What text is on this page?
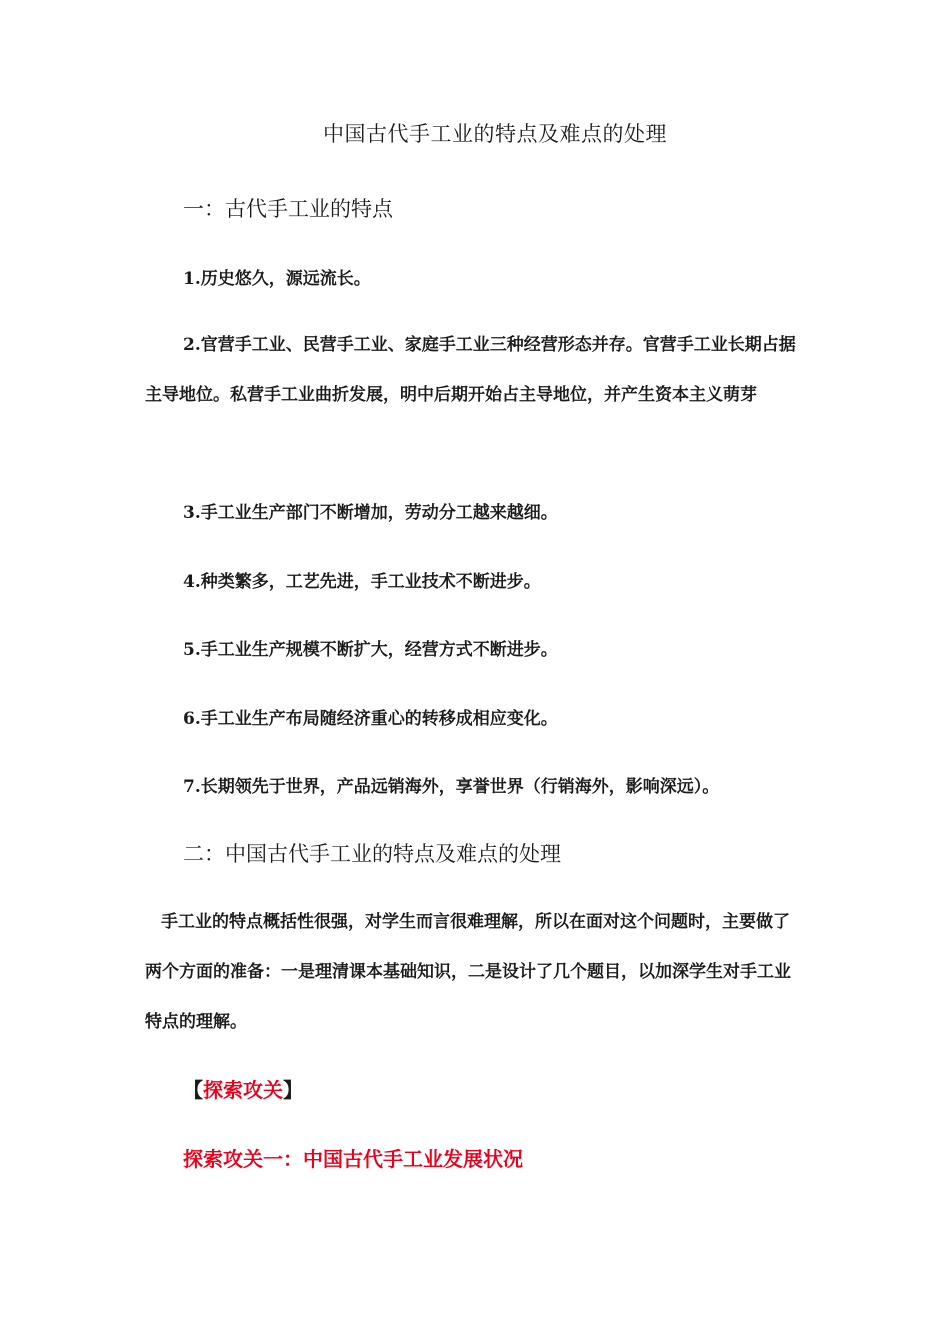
中国古代手工业的特点及难点的处理
一：古代手工业的特点

1.历史悠久，源远流长。

2.官营手工业、民营手工业、家庭手工业三种经营形态并存。官营手工业长期占据主导地位。私营手工业曲折发展，明中后期开始占主导地位，并产生资本主义萌芽

3.手工业生产部门不断增加，劳动分工越来越细。

4.种类繁多，工艺先进，手工业技术不断进步。

5.手工业生产规模不断扩大，经营方式不断进步。

6.手工业生产布局随经济重心的转移成相应变化。

7.长期领先于世界，产品远销海外，享誉世界（行销海外，影响深远）。

二：中国古代手工业的特点及难点的处理

手工业的特点概括性很强，对学生而言很难理解，所以在面对这个问题时，主要做了两个方面的准备：一是理清课本基础知识，二是设计了几个题目，以加深学生对手工业特点的理解。

【探索攻关】

探索攻关一：中国古代手工业发展状况
